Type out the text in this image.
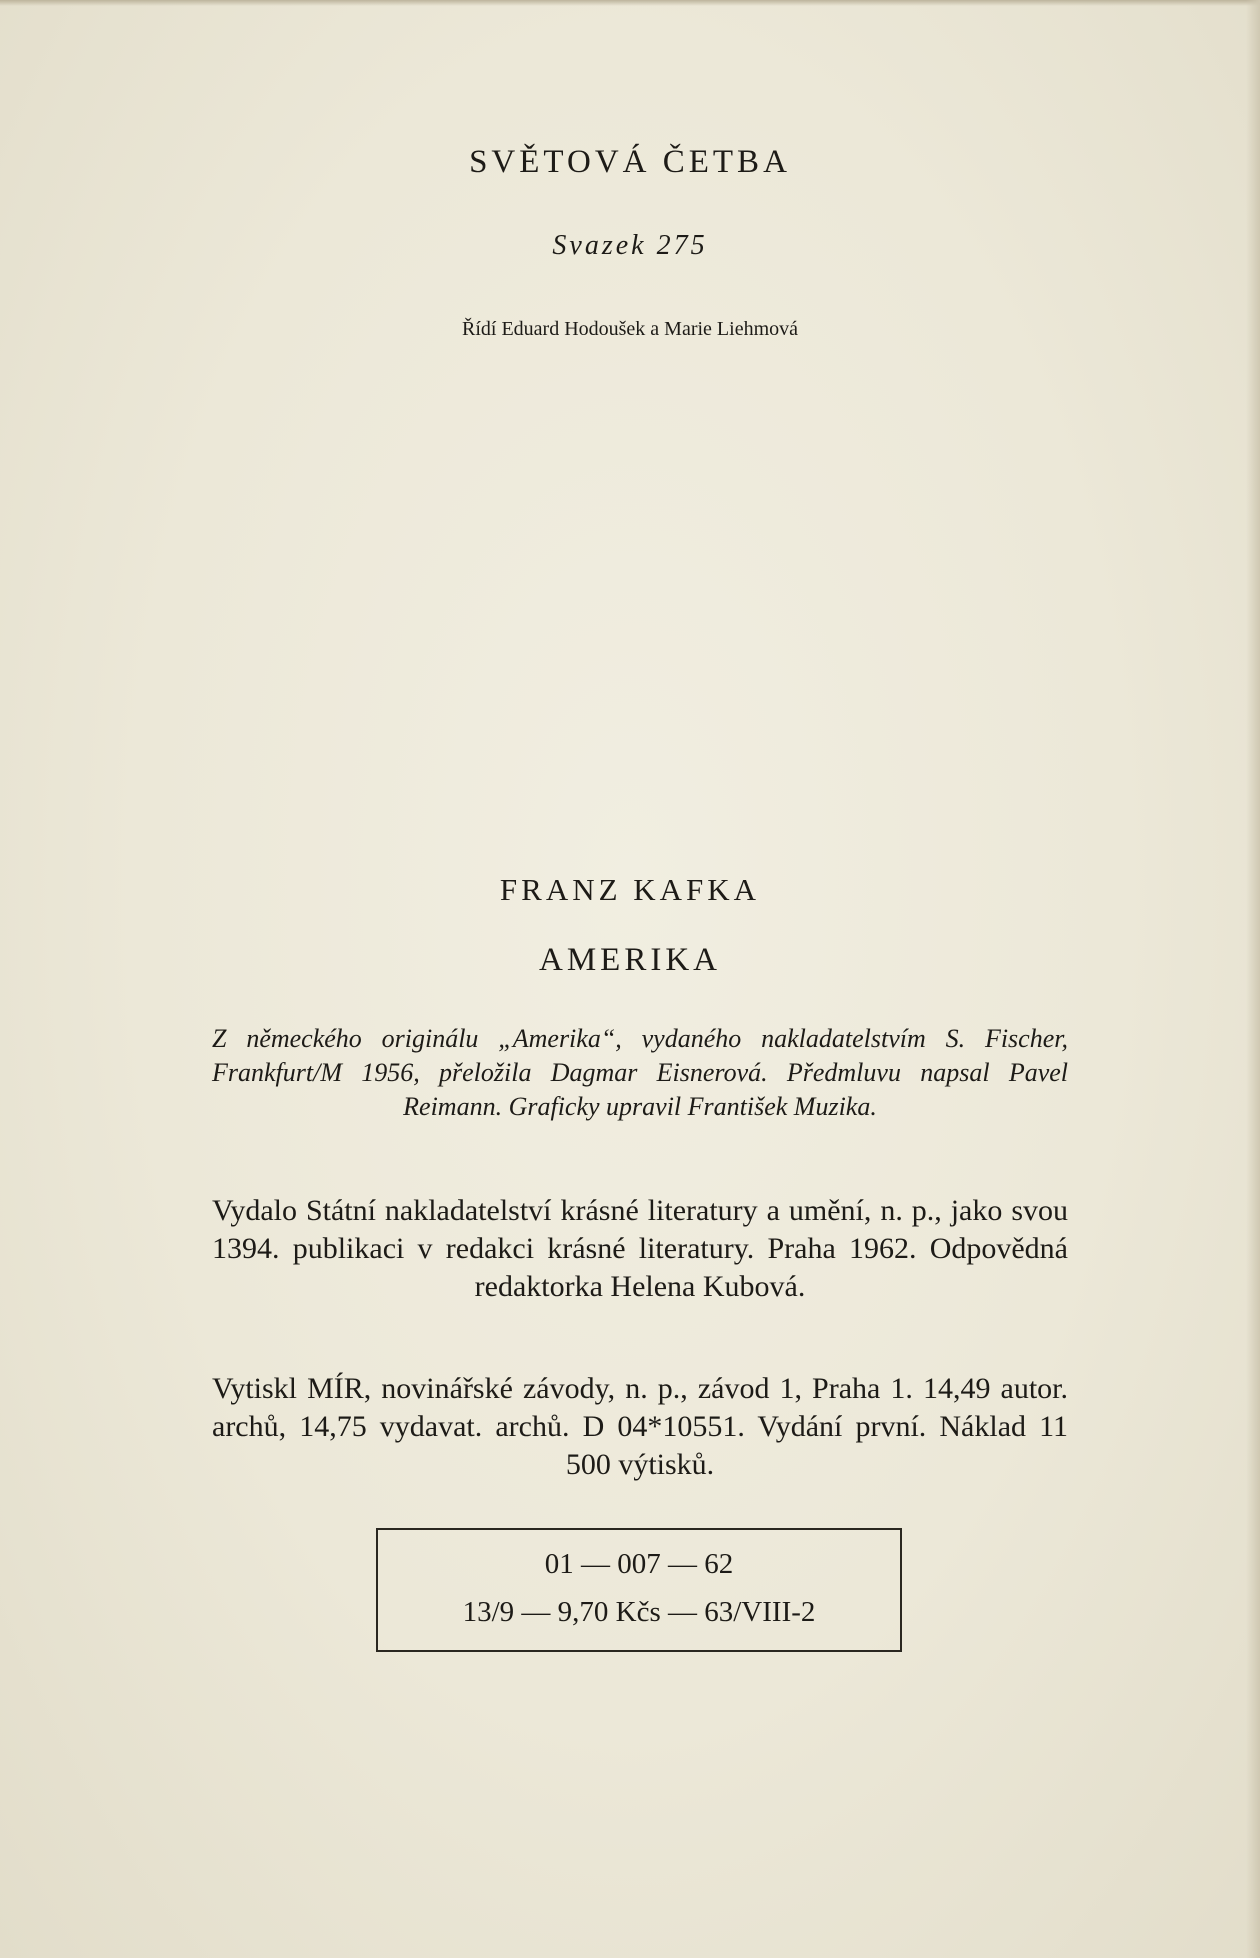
SVĚTOVÁ ČETBA
Svazek 275
Řídí Eduard Hodoušek a Marie Liehmová
FRANZ KAFKA
AMERIKA
Z německého originálu „Amerika“, vydaného nakladatelstvím S. Fischer, Frankfurt/M 1956, přeložila Dagmar Eisnerová. Předmluvu napsal Pavel Reimann. Graficky upravil František Muzika.
Vydalo Státní nakladatelství krásné literatury a umění, n. p., jako svou 1394. publikaci v redakci krásné literatury. Praha 1962. Odpovědná redaktorka Helena Kubová.
Vytiskl MÍR, novinářské závody, n. p., závod 1, Praha 1. 14,49 autor. archů, 14,75 vydavat. archů. D 04*10551. Vydání první. Náklad 11 500 výtisků.
01 — 007 — 62
13/9 — 9,70 Kčs — 63/VIII-2
